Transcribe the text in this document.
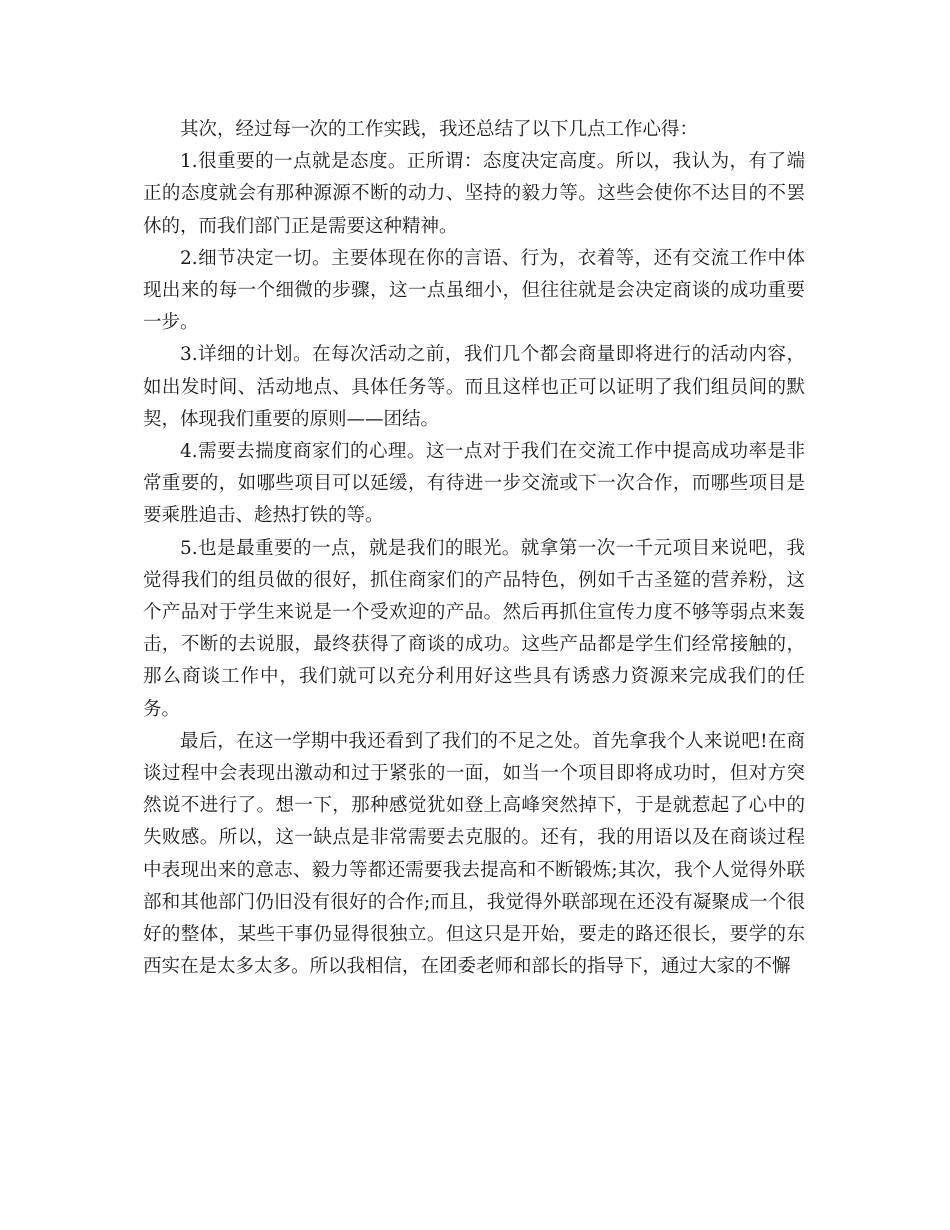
其次，经过每一次的工作实践，我还总结了以下几点工作心得：

1.很重要的一点就是态度。正所谓：态度决定高度。所以，我认为，有了端正的态度就会有那种源源不断的动力、坚持的毅力等。这些会使你不达目的不罢休的，而我们部门正是需要这种精神。

2.细节决定一切。主要体现在你的言语、行为，衣着等，还有交流工作中体现出来的每一个细微的步骤，这一点虽细小，但往往就是会决定商谈的成功重要一步。

3.详细的计划。在每次活动之前，我们几个都会商量即将进行的活动内容，如出发时间、活动地点、具体任务等。而且这样也正可以证明了我们组员间的默契，体现我们重要的原则——团结。

4.需要去揣度商家们的心理。这一点对于我们在交流工作中提高成功率是非常重要的，如哪些项目可以延缓，有待进一步交流或下一次合作，而哪些项目是要乘胜追击、趁热打铁的等。

5.也是最重要的一点，就是我们的眼光。就拿第一次一千元项目来说吧，我觉得我们的组员做的很好，抓住商家们的产品特色，例如千古圣筵的营养粉，这个产品对于学生来说是一个受欢迎的产品。然后再抓住宣传力度不够等弱点来轰击，不断的去说服，最终获得了商谈的成功。这些产品都是学生们经常接触的，那么商谈工作中，我们就可以充分利用好这些具有诱惑力资源来完成我们的任务。

最后，在这一学期中我还看到了我们的不足之处。首先拿我个人来说吧!在商谈过程中会表现出激动和过于紧张的一面，如当一个项目即将成功时，但对方突然说不进行了。想一下，那种感觉犹如登上高峰突然掉下，于是就惹起了心中的失败感。所以，这一缺点是非常需要去克服的。还有，我的用语以及在商谈过程中表现出来的意志、毅力等都还需要我去提高和不断锻炼;其次，我个人觉得外联部和其他部门仍旧没有很好的合作;而且，我觉得外联部现在还没有凝聚成一个很好的整体，某些干事仍显得很独立。但这只是开始，要走的路还很长，要学的东西实在是太多太多。所以我相信，在团委老师和部长的指导下，通过大家的不懈
